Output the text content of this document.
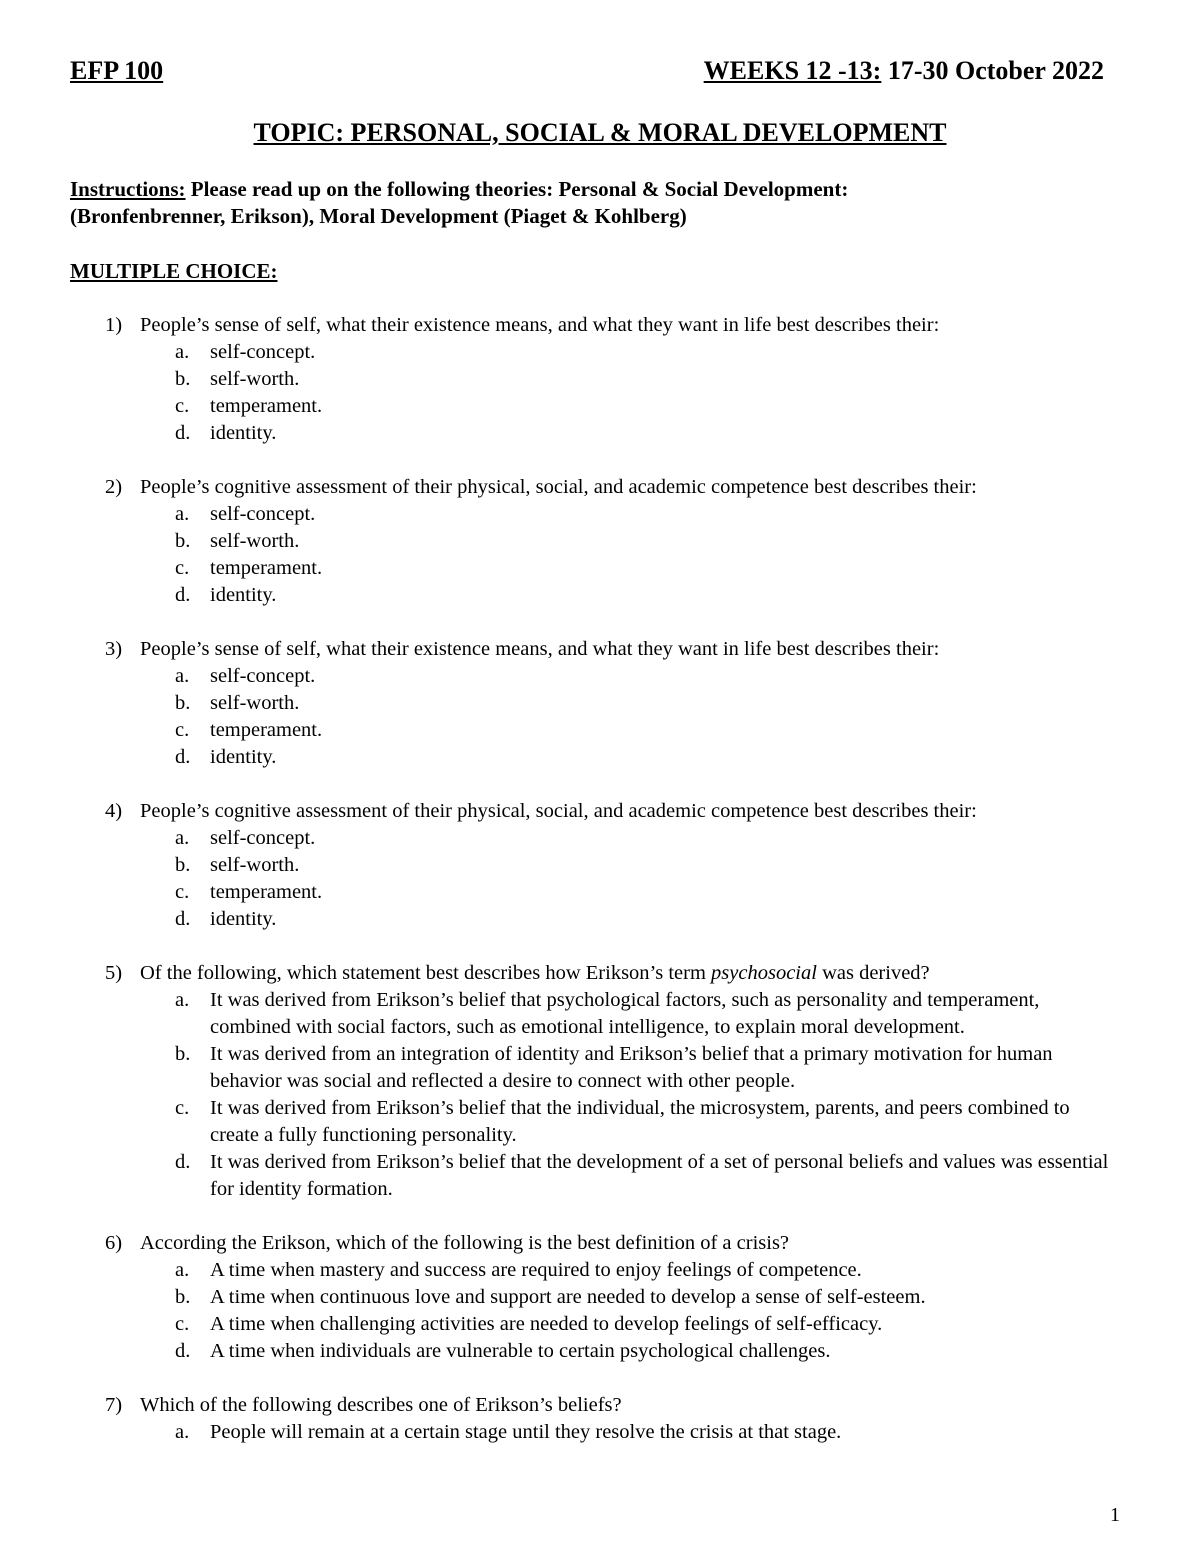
EFP 100	WEEKS 12 -13: 17-30 October 2022
TOPIC: PERSONAL, SOCIAL & MORAL DEVELOPMENT
Instructions: Please read up on the following theories: Personal & Social Development:
(Bronfenbrenner, Erikson), Moral Development (Piaget & Kohlberg)
MULTIPLE CHOICE:
1) People’s sense of self, what their existence means, and what they want in life best describes their:
a. self-concept.
b. self-worth.
c. temperament.
d. identity.
2) People’s cognitive assessment of their physical, social, and academic competence best describes their:
a. self-concept.
b. self-worth.
c. temperament.
d. identity.
3) People’s sense of self, what their existence means, and what they want in life best describes their:
a. self-concept.
b. self-worth.
c. temperament.
d. identity.
4) People’s cognitive assessment of their physical, social, and academic competence best describes their:
a. self-concept.
b. self-worth.
c. temperament.
d. identity.
5) Of the following, which statement best describes how Erikson’s term psychosocial was derived?
a. It was derived from Erikson’s belief that psychological factors, such as personality and temperament, combined with social factors, such as emotional intelligence, to explain moral development.
b. It was derived from an integration of identity and Erikson’s belief that a primary motivation for human behavior was social and reflected a desire to connect with other people.
c. It was derived from Erikson’s belief that the individual, the microsystem, parents, and peers combined to create a fully functioning personality.
d. It was derived from Erikson’s belief that the development of a set of personal beliefs and values was essential for identity formation.
6) According the Erikson, which of the following is the best definition of a crisis?
a. A time when mastery and success are required to enjoy feelings of competence.
b. A time when continuous love and support are needed to develop a sense of self-esteem.
c. A time when challenging activities are needed to develop feelings of self-efficacy.
d. A time when individuals are vulnerable to certain psychological challenges.
7) Which of the following describes one of Erikson’s beliefs?
a. People will remain at a certain stage until they resolve the crisis at that stage.
1
